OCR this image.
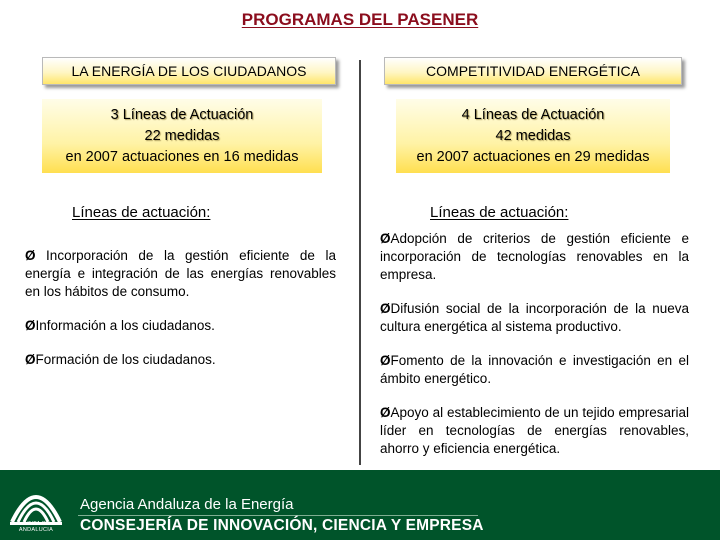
PROGRAMAS DEL PASENER
LA ENERGÍA DE LOS CIUDADANOS
3 Líneas de Actuación
22 medidas
en 2007 actuaciones en 16 medidas
Líneas de actuación:

Ø Incorporación de la gestión eficiente de la energía e integración de las energías renovables en los hábitos de consumo.

ØInformación a los ciudadanos.

ØFormación de los ciudadanos.

COMPETITIVIDAD ENERGÉTICA
4 Líneas de Actuación
42 medidas
en 2007 actuaciones en 29 medidas
Líneas de actuación:

ØAdopción de criterios de gestión eficiente e incorporación de tecnologías renovables en la empresa.

ØDifusión social de la incorporación de la nueva cultura energética al sistema productivo.

ØFomento de la innovación e investigación en el ámbito energético.

ØApoyo al establecimiento de un tejido empresarial líder en tecnologías de energías renovables, ahorro y eficiencia energética.

JUNTA DE ANDALUCIA
Agencia Andaluza de la Energía
CONSEJERÍA DE INNOVACIÓN, CIENCIA Y EMPRESA
